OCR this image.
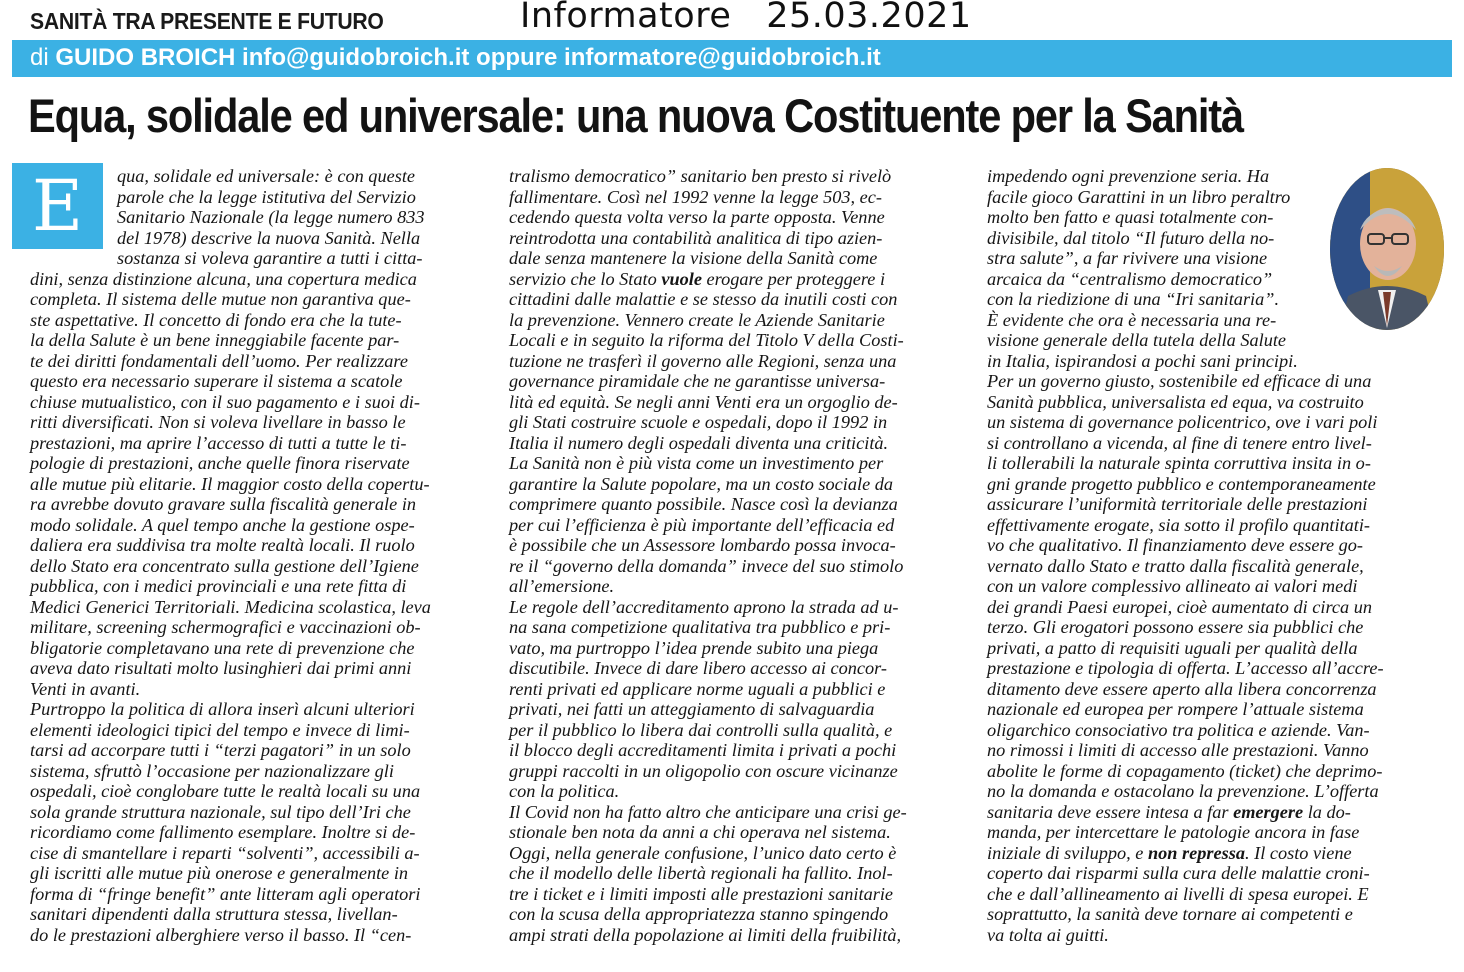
SANITÀ TRA PRESENTE E FUTURO	Informatore   25.03.2021
di GUIDO BROICH info@guidobroich.it oppure informatore@guidobroich.it
Equa, solidale ed universale: una nuova Costituente per la Sanità
E	qua, solidale ed universale: è con queste
parole che la legge istitutiva del Servizio
Sanitario Nazionale (la legge numero 833
del 1978) descrive la nuova Sanità. Nella
sostanza si voleva garantire a tutti i citta-
dini, senza distinzione alcuna, una copertura medica
completa. Il sistema delle mutue non garantiva que-
ste aspettative. Il concetto di fondo era che la tute-
la della Salute è un bene inneggiabile facente par-
te dei diritti fondamentali dell’uomo. Per realizzare
questo era necessario superare il sistema a scatole
chiuse mutualistico, con il suo pagamento e i suoi di-
ritti diversificati. Non si voleva livellare in basso le
prestazioni, ma aprire l’accesso di tutti a tutte le ti-
pologie di prestazioni, anche quelle finora riservate
alle mutue più elitarie. Il maggior costo della copertu-
ra avrebbe dovuto gravare sulla fiscalità generale in
modo solidale. A quel tempo anche la gestione ospe-
daliera era suddivisa tra molte realtà locali. Il ruolo
dello Stato era concentrato sulla gestione dell’Igiene
pubblica, con i medici provinciali e una rete fitta di
Medici Generici Territoriali. Medicina scolastica, leva
militare, screening schermografici e vaccinazioni ob-
bligatorie completavano una rete di prevenzione che
aveva dato risultati molto lusinghieri dai primi anni
Venti in avanti.
Purtroppo la politica di allora inserì alcuni ulteriori
elementi ideologici tipici del tempo e invece di limi-
tarsi ad accorpare tutti i “terzi pagatori” in un solo
sistema, sfruttò l’occasione per nazionalizzare gli
ospedali, cioè conglobare tutte le realtà locali su una
sola grande struttura nazionale, sul tipo dell’Iri che
ricordiamo come fallimento esemplare. Inoltre si de-
cise di smantellare i reparti “solventi”, accessibili a-
gli iscritti alle mutue più onerose e generalmente in
forma di “fringe benefit” ante litteram agli operatori
sanitari dipendenti dalla struttura stessa, livellan-
do le prestazioni alberghiere verso il basso. Il “cen-
tralismo democratico” sanitario ben presto si rivelò
fallimentare. Così nel 1992 venne la legge 503, ec-
cedendo questa volta verso la parte opposta. Venne
reintrodotta una contabilità analitica di tipo azien-
dale senza mantenere la visione della Sanità come
servizio che lo Stato vuole erogare per proteggere i
cittadini dalle malattie e se stesso da inutili costi con
la prevenzione. Vennero create le Aziende Sanitarie
Locali e in seguito la riforma del Titolo V della Costi-
tuzione ne trasferì il governo alle Regioni, senza una
governance piramidale che ne garantisse universa-
lità ed equità. Se negli anni Venti era un orgoglio de-
gli Stati costruire scuole e ospedali, dopo il 1992 in
Italia il numero degli ospedali diventa una criticità.
La Sanità non è più vista come un investimento per
garantire la Salute popolare, ma un costo sociale da
comprimere quanto possibile. Nasce così la devianza
per cui l’efficienza è più importante dell’efficacia ed
è possibile che un Assessore lombardo possa invoca-
re il “governo della domanda” invece del suo stimolo
all’emersione.
Le regole dell’accreditamento aprono la strada ad u-
na sana competizione qualitativa tra pubblico e pri-
vato, ma purtroppo l’idea prende subito una piega
discutibile. Invece di dare libero accesso ai concor-
renti privati ed applicare norme uguali a pubblici e
privati, nei fatti un atteggiamento di salvaguardia
per il pubblico lo libera dai controlli sulla qualità, e
il blocco degli accreditamenti limita i privati a pochi
gruppi raccolti in un oligopolio con oscure vicinanze
con la politica.
Il Covid non ha fatto altro che anticipare una crisi ge-
stionale ben nota da anni a chi operava nel sistema.
Oggi, nella generale confusione, l’unico dato certo è
che il modello delle libertà regionali ha fallito. Inol-
tre i ticket e i limiti imposti alle prestazioni sanitarie
con la scusa della appropriatezza stanno spingendo
ampi strati della popolazione ai limiti della fruibilità,
impedendo ogni prevenzione seria. Ha
facile gioco Garattini in un libro peraltro
molto ben fatto e quasi totalmente con-
divisibile, dal titolo “Il futuro della no-
stra salute”, a far rivivere una visione
arcaica da “centralismo democratico”
con la riedizione di una “Iri sanitaria”.
È evidente che ora è necessaria una re-
visione generale della tutela della Salute
in Italia, ispirandosi a pochi sani principi.
Per un governo giusto, sostenibile ed efficace di una
Sanità pubblica, universalista ed equa, va costruito
un sistema di governance policentrico, ove i vari poli
si controllano a vicenda, al fine di tenere entro livel-
li tollerabili la naturale spinta corruttiva insita in o-
gni grande progetto pubblico e contemporaneamente
assicurare l’uniformità territoriale delle prestazioni
effettivamente erogate, sia sotto il profilo quantitati-
vo che qualitativo. Il finanziamento deve essere go-
vernato dallo Stato e tratto dalla fiscalità generale,
con un valore complessivo allineato ai valori medi
dei grandi Paesi europei, cioè aumentato di circa un
terzo. Gli erogatori possono essere sia pubblici che
privati, a patto di requisiti uguali per qualità della
prestazione e tipologia di offerta. L’accesso all’accre-
ditamento deve essere aperto alla libera concorrenza
nazionale ed europea per rompere l’attuale sistema
oligarchico consociativo tra politica e aziende. Van-
no rimossi i limiti di accesso alle prestazioni. Vanno
abolite le forme di copagamento (ticket) che deprimo-
no la domanda e ostacolano la prevenzione. L’offerta
sanitaria deve essere intesa a far emergere la do-
manda, per intercettare le patologie ancora in fase
iniziale di sviluppo, e non repressa. Il costo viene
coperto dai risparmi sulla cura delle malattie croni-
che e dall’allineamento ai livelli di spesa europei. E
soprattutto, la sanità deve tornare ai competenti e
va tolta ai guitti.
